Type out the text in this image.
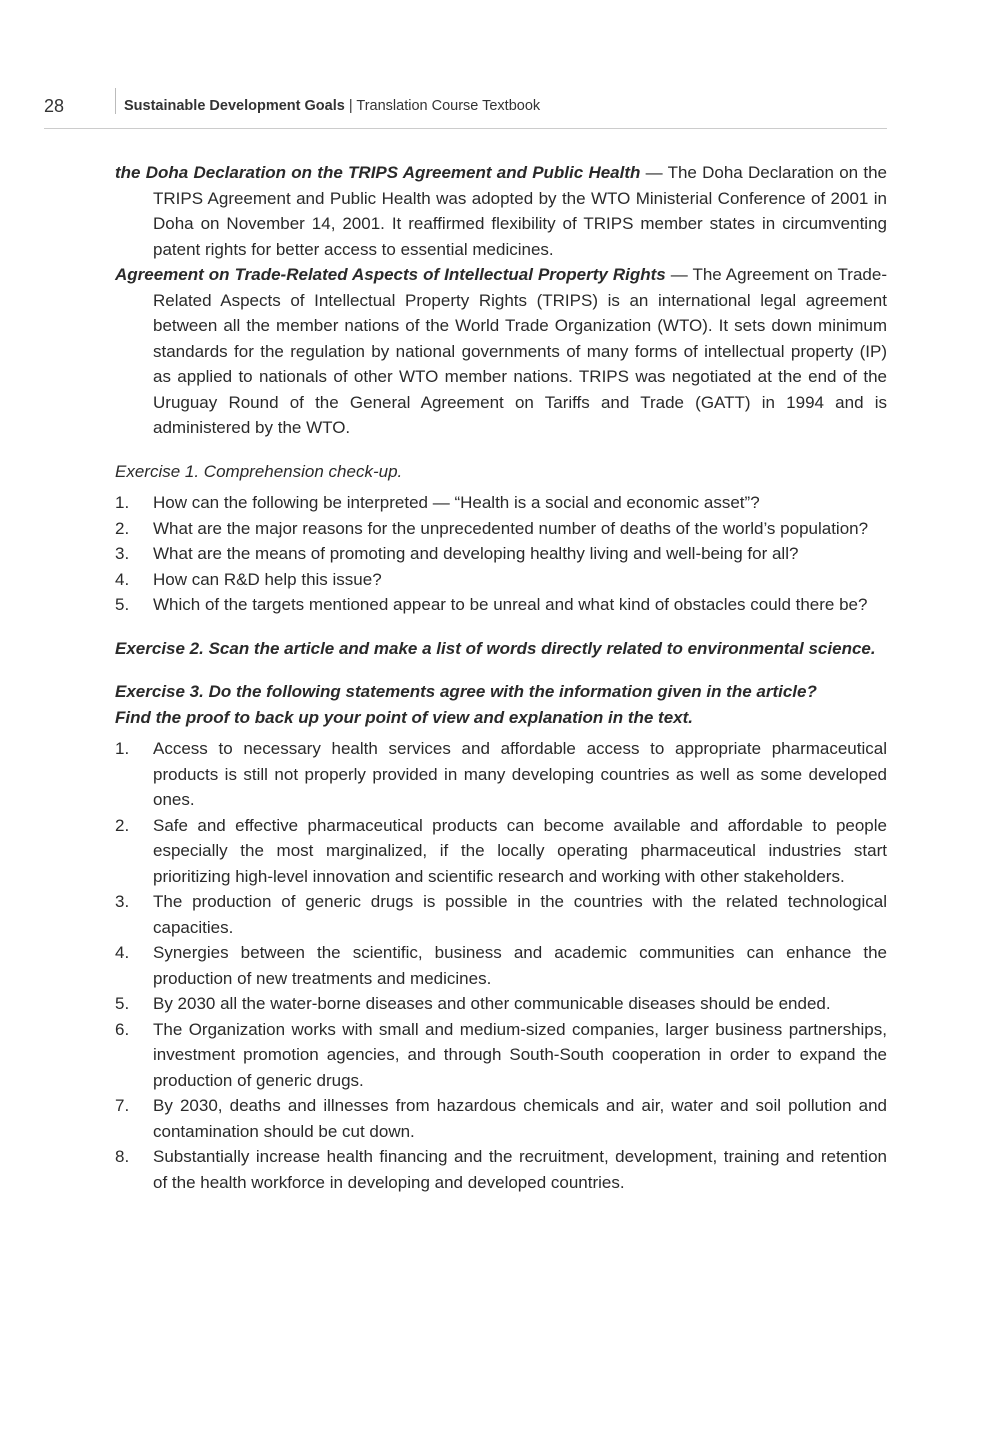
28	Sustainable Development Goals | Translation Course Textbook

the Doha Declaration on the TRIPS Agreement and Public Health — The Doha Declaration on the TRIPS Agreement and Public Health was adopted by the WTO Ministerial Conference of 2001 in Doha on November 14, 2001. It reaffirmed flexibility of TRIPS member states in circumventing patent rights for better access to essential medicines.

Agreement on Trade-Related Aspects of Intellectual Property Rights — The Agreement on Trade-Related Aspects of Intellectual Property Rights (TRIPS) is an international legal agreement between all the member nations of the World Trade Organization (WTO). It sets down minimum standards for the regulation by national governments of many forms of intellectual property (IP) as applied to nationals of other WTO member nations. TRIPS was negotiated at the end of the Uruguay Round of the General Agreement on Tariffs and Trade (GATT) in 1994 and is administered by the WTO.

Exercise 1. Comprehension check-up.

1. How can the following be interpreted — “Health is a social and economic asset”?
2. What are the major reasons for the unprecedented number of deaths of the world’s population?
3. What are the means of promoting and developing healthy living and well-being for all?
4. How can R&D help this issue?
5. Which of the targets mentioned appear to be unreal and what kind of obstacles could there be?

Exercise 2. Scan the article and make a list of words directly related to environmental science.

Exercise 3. Do the following statements agree with the information given in the article?

Find the proof to back up your point of view and explanation in the text.

1. Access to necessary health services and affordable access to appropriate pharmaceutical products is still not properly provided in many developing countries as well as some developed ones.
2. Safe and effective pharmaceutical products can become available and affordable to people especially the most marginalized, if the locally operating pharmaceutical industries start prioritizing high-level innovation and scientific research and working with other stakeholders.
3. The production of generic drugs is possible in the countries with the related technological capacities.
4. Synergies between the scientific, business and academic communities can enhance the production of new treatments and medicines.
5. By 2030 all the water-borne diseases and other communicable diseases should be ended.
6. The Organization works with small and medium-sized companies, larger business partnerships, investment promotion agencies, and through South-South cooperation in order to expand the production of generic drugs.
7. By 2030, deaths and illnesses from hazardous chemicals and air, water and soil pollution and contamination should be cut down.
8. Substantially increase health financing and the recruitment, development, training and retention of the health workforce in developing and developed countries.
